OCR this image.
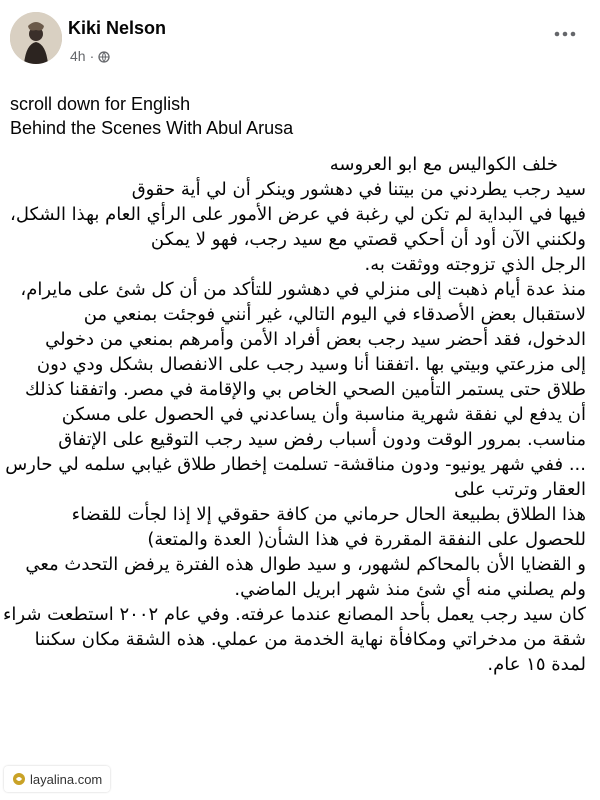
Kiki Nelson
4h ·
scroll down for English
Behind the Scenes With Abul Arusa
خلف الكواليس مع ابو العروسه
سيد رجب يطردني من بيتنا في دهشور وينكر أن لي أية حقوق
فيها في البداية لم تكن لي رغبة في عرض الأمور على الرأي العام بهذا الشكل،
ولكنني الآن أود أن أحكي قصتي مع سيد رجب، فهو لا يمكن
الرجل الذي تزوجته ووثقت به.
منذ عدة أيام ذهبت إلى منزلي في دهشور للتأكد من أن كل شئ على مايرام،
لاستقبال بعض الأصدقاء في اليوم التالي، غير أنني فوجئت بمنعي من
الدخول، فقد أحضر سيد رجب بعض أفراد الأمن وأمرهم بمنعي من دخولي
إلى مزرعتي وبيتي بها .اتفقنا أنا وسيد رجب على الانفصال بشكل ودي دون
طلاق حتى يستمر التأمين الصحي الخاص بي والإقامة في مصر. واتفقنا كذلك
أن يدفع لي نفقة شهرية مناسبة وأن يساعدني في الحصول على مسكن
مناسب. بمرور الوقت ودون أسباب رفض سيد رجب التوقيع على الإتفاق
... ففي شهر يونيو- ودون مناقشة- تسلمت إخطار طلاق غيابي سلمه لي حارس
العقار وترتب على
هذا الطلاق بطبيعة الحال حرماني من كافة حقوقي إلا إذا لجأت للقضاء
للحصول على النفقة المقررة في هذا الشأن( العدة والمتعة)
و القضايا الأن بالمحاكم لشهور، و سيد طوال هذه الفترة يرفض التحدث معي
ولم يصلني منه أي شئ منذ شهر ابريل الماضي.
كان سيد رجب يعمل بأحد المصانع عندما عرفته. وفي عام ٢٠٠٢ استطعت شراء
شقة من مدخراتي ومكافأة نهاية الخدمة من عملي. هذه الشقة مكان سكننا
لمدة ١٥ عام.
layalina.com
